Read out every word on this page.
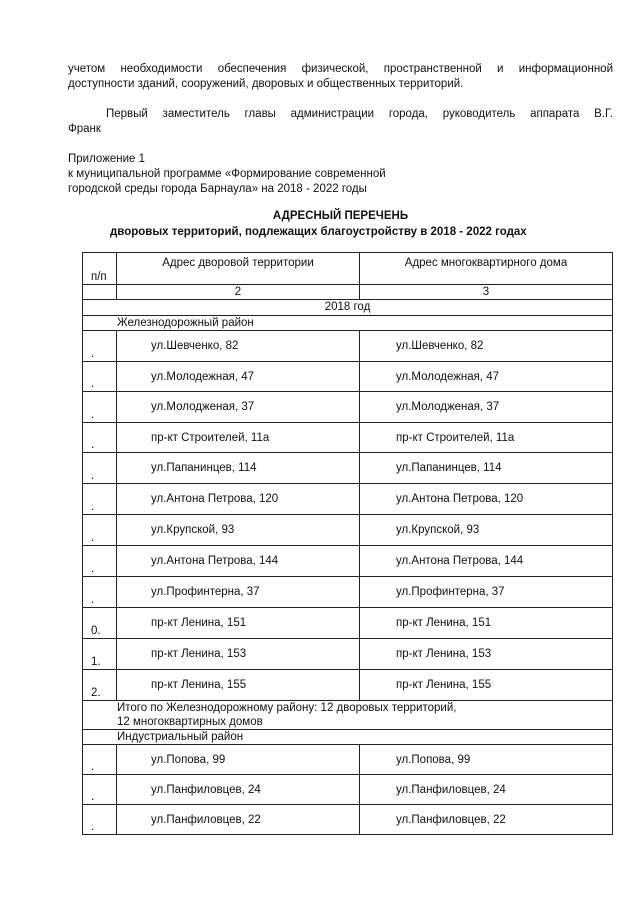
учетом необходимости обеспечения физической, пространственной и информационной
доступности зданий, сооружений, дворовых и общественных территорий.
Первый заместитель главы администрации города, руководитель аппарата В.Г.
Франк
Приложение 1
к муниципальной программе «Формирование современной
городской среды города Барнаула» на 2018 - 2022 годы
АДРЕСНЫЙ ПЕРЕЧЕНЬ
дворовых территорий, подлежащих благоустройству в 2018 - 2022 годах
п/п	Адрес дворовой территории	Адрес многоквартирного дома
	2	3
2018 год		
Железнодорожный район		
.	ул.Шевченко, 82	ул.Шевченко, 82
.	ул.Молодежная, 47	ул.Молодежная, 47
.	ул.Молодженая, 37	ул.Молодженая, 37
.	пр-кт Строителей, 11а	пр-кт Строителей, 11а
.	ул.Папанинцев, 114	ул.Папанинцев, 114
.	ул.Антона Петрова, 120	ул.Антона Петрова, 120
.	ул.Крупской, 93	ул.Крупской, 93
.	ул.Антона Петрова, 144	ул.Антона Петрова, 144
.	ул.Профинтерна, 37	ул.Профинтерна, 37
0.	пр-кт Ленина, 151	пр-кт Ленина, 151
1.	пр-кт Ленина, 153	пр-кт Ленина, 153
2.	пр-кт Ленина, 155	пр-кт Ленина, 155

Итого по Железнодорожному району: 12 дворовых территорий,
12 многоквартирных домов		

Индустриальный район		

.	ул.Попова, 99	ул.Попова, 99
.	ул.Панфиловцев, 24	ул.Панфиловцев, 24
.	ул.Панфиловцев, 22	ул.Панфиловцев, 22
